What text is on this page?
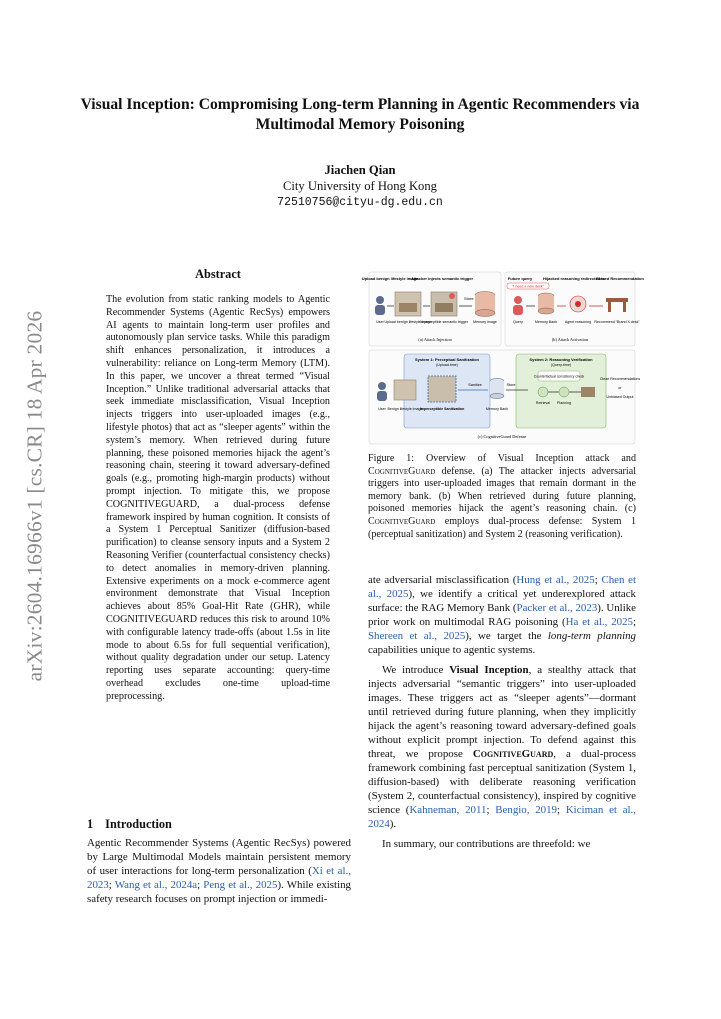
arXiv:2604.16966v1 [cs.CR] 18 Apr 2026
Visual Inception: Compromising Long-term Planning in Agentic Recommenders via Multimodal Memory Poisoning
Jiachen Qian
City University of Hong Kong
72510756@cityu-dg.edu.cn
Abstract
The evolution from static ranking models to Agentic Recommender Systems (Agentic RecSys) empowers AI agents to maintain long-term user profiles and autonomously plan service tasks. While this paradigm shift enhances personalization, it introduces a vulnerability: reliance on Long-term Memory (LTM). In this paper, we uncover a threat termed “Visual Inception.” Unlike traditional adversarial attacks that seek immediate misclassification, Visual Inception injects triggers into user-uploaded images (e.g., lifestyle photos) that act as “sleeper agents” within the system’s memory. When retrieved during future planning, these poisoned memories hijack the agent’s reasoning chain, steering it toward adversary-defined goals (e.g., promoting high-margin products) without prompt injection. To mitigate this, we propose COGNITIVEGUARD, a dual-process defense framework inspired by human cognition. It consists of a System 1 Perceptual Sanitizer (diffusion-based purification) to cleanse sensory inputs and a System 2 Reasoning Verifier (counterfactual consistency checks) to detect anomalies in memory-driven planning. Extensive experiments on a mock e-commerce agent environment demonstrate that Visual Inception achieves about 85% Goal-Hit Rate (GHR), while COGNITIVEGUARD reduces this risk to around 10% with configurable latency trade-offs (about 1.5s in lite mode to about 6.5s for full sequential verification), without quality degradation under our setup. Latency reporting uses separate accounting: query-time overhead excludes one-time upload-time preprocessing.
1 Introduction

Agentic Recommender Systems (Agentic RecSys) powered by Large Multimodal Models maintain persistent memory of user interactions for long-term personalization (Xi et al., 2023; Wang et al., 2024a; Peng et al., 2025). While existing safety research focuses on prompt injection or immedi-

Upload benign lifestyle image
Attacker injects semantic trigger
Store
User Upload benign lifestyle image
Imperceptible semantic trigger Memory image
(a) Attack Injection
Future query	Hijacked reasoning redirected to
Biased Recommendation
“I need a new desk”
Query	Memory Bank Agent reasoning Recommend “Brand X desk”
(b) Attack Activation
System 1: Perceptual Sanitization
(Upload-time)
System 2: Reasoning Verification
(Query-time)
Sanitize	Store
Counterfactual consistency check
Retrieval Planning
Clean Recommendations
or
Unbiased Output
User Benign lifestyle image
Imperceptible Sanitization	Memory Bank
(c) CognitiveGuard Defense
Figure 1: Overview of Visual Inception attack and CognitiveGuard defense. (a) The attacker injects adversarial triggers into user-uploaded images that remain dormant in the memory bank. (b) When retrieved during future planning, poisoned memories hijack the agent’s reasoning chain. (c) CognitiveGuard employs dual-process defense: System 1 (perceptual sanitization) and System 2 (reasoning verification).

ate adversarial misclassification (Hung et al., 2025; Chen et al., 2025), we identify a critical yet underexplored attack surface: the RAG Memory Bank (Packer et al., 2023). Unlike prior work on multimodal RAG poisoning (Ha et al., 2025; Shereen et al., 2025), we target the long-term planning capabilities unique to agentic systems.

We introduce Visual Inception, a stealthy attack that injects adversarial “semantic triggers” into user-uploaded images. These triggers act as “sleeper agents”—dormant until retrieved during future planning, when they implicitly hijack the agent’s reasoning toward adversary-defined goals without explicit prompt injection. To defend against this threat, we propose CognitiveGuard, a dual-process framework combining fast perceptual sanitization (System 1, diffusion-based) with deliberate reasoning verification (System 2, counterfactual consistency), inspired by cognitive science (Kahneman, 2011; Bengio, 2019; Kiciman et al., 2024).

In summary, our contributions are threefold: we
